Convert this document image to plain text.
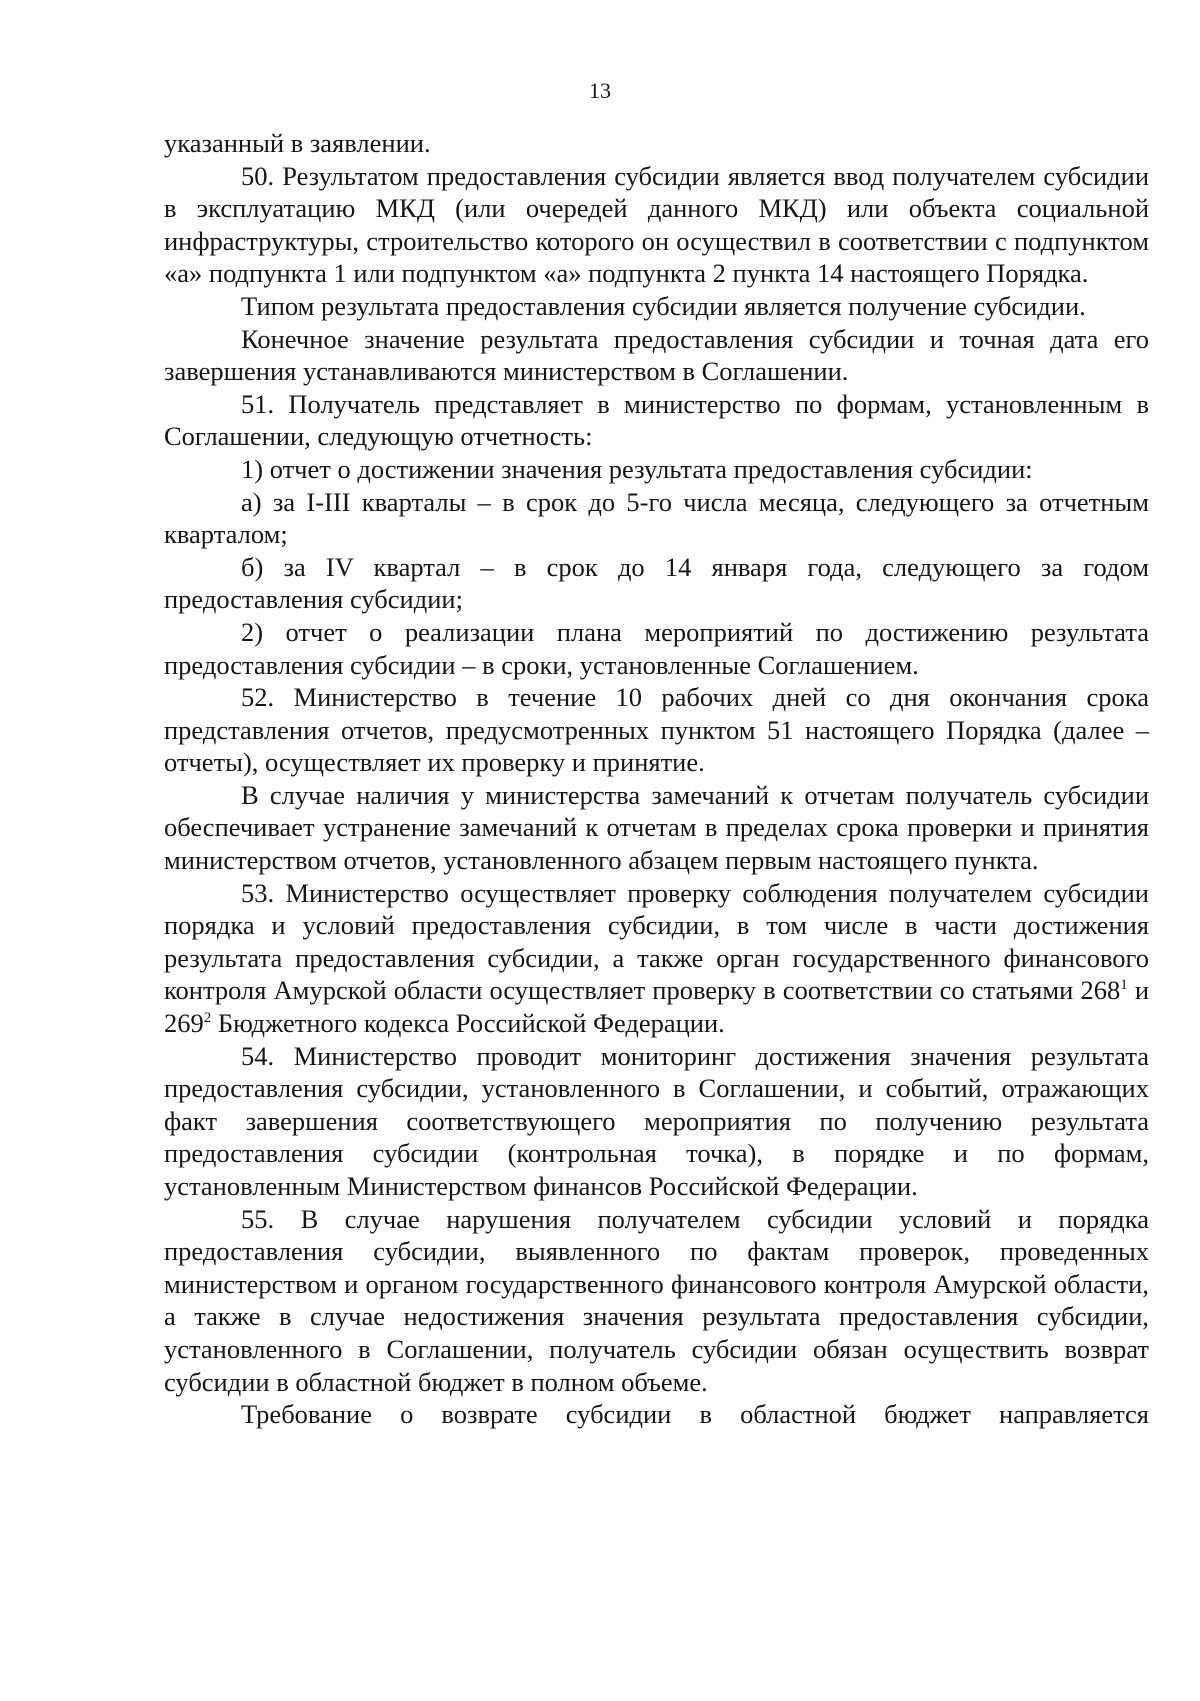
13

указанный в заявлении.

50. Результатом предоставления субсидии является ввод получателем субсидии в эксплуатацию МКД (или очередей данного МКД) или объекта социальной инфраструктуры, строительство которого он осуществил в соответствии с подпунктом «а» подпункта 1 или подпунктом «а» подпункта 2 пункта 14 настоящего Порядка.

Типом результата предоставления субсидии является получение субсидии.

Конечное значение результата предоставления субсидии и точная дата его завершения устанавливаются министерством в Соглашении.

51. Получатель представляет в министерство по формам, установленным в Соглашении, следующую отчетность:

1) отчет о достижении значения результата предоставления субсидии:

а) за I-III кварталы – в срок до 5-го числа месяца, следующего за отчетным кварталом;

б) за IV квартал – в срок до 14 января года, следующего за годом предоставления субсидии;

2) отчет о реализации плана мероприятий по достижению результата предоставления субсидии – в сроки, установленные Соглашением.

52. Министерство в течение 10 рабочих дней со дня окончания срока представления отчетов, предусмотренных пунктом 51 настоящего Порядка (далее – отчеты), осуществляет их проверку и принятие.

В случае наличия у министерства замечаний к отчетам получатель субсидии обеспечивает устранение замечаний к отчетам в пределах срока проверки и принятия министерством отчетов, установленного абзацем первым настоящего пункта.

53. Министерство осуществляет проверку соблюдения получателем субсидии порядка и условий предоставления субсидии, в том числе в части достижения результата предоставления субсидии, а также орган государственного финансового контроля Амурской области осуществляет проверку в соответствии со статьями $268^1$ и $269^2$ Бюджетного кодекса Российской Федерации.

54. Министерство проводит мониторинг достижения значения результата предоставления субсидии, установленного в Соглашении, и событий, отражающих факт завершения соответствующего мероприятия по получению результата предоставления субсидии (контрольная точка), в порядке и по формам, установленным Министерством финансов Российской Федерации.

55. В случае нарушения получателем субсидии условий и порядка предоставления субсидии, выявленного по фактам проверок, проведенных министерством и органом государственного финансового контроля Амурской области, а также в случае недостижения значения результата предоставления субсидии, установленного в Соглашении, получатель субсидии обязан осуществить возврат субсидии в областной бюджет в полном объеме.

Требование о возврате субсидии в областной бюджет направляется
